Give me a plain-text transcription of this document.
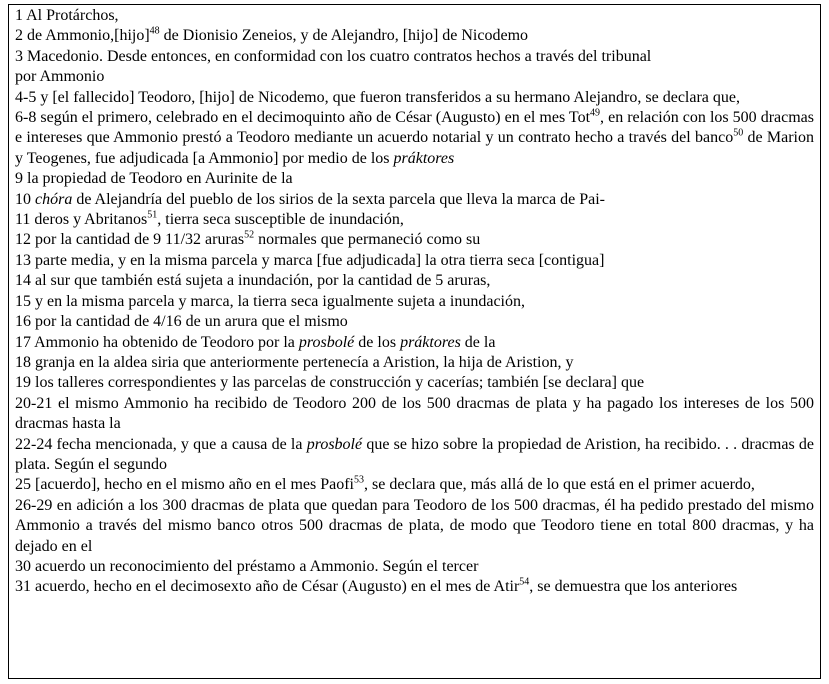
1 Al Protárchos,
2 de Ammonio,[hijo]$^{48}$ de Dionisio Zeneios, y de Alejandro, [hijo] de Nicodemo
3 Macedonio. Desde entonces, en conformidad con los cuatro contratos hechos a través del tribunal
por Ammonio
4-5 y [el fallecido] Teodoro, [hijo] de Nicodemo, que fueron transferidos a su hermano Alejandro, se declara que,
6-8 según el primero, celebrado en el decimoquinto año de César (Augusto) en el mes Tot$^{49}$, en relación con los 500 dracmas e intereses que Ammonio prestó a Teodoro mediante un acuerdo notarial y un contrato hecho a través del banco$^{50}$ de Marion y Teogenes, fue adjudicada [a Ammonio] por medio de los práktores
9 la propiedad de Teodoro en Aurinite de la
10 chóra de Alejandría del pueblo de los sirios de la sexta parcela que lleva la marca de Pai-
11 deros y Abritanos$^{51}$, tierra seca susceptible de inundación,
12 por la cantidad de 9 11/32 aruras$^{52}$ normales que permaneció como su
13 parte media, y en la misma parcela y marca [fue adjudicada] la otra tierra seca [contigua]
14 al sur que también está sujeta a inundación, por la cantidad de 5 aruras,
15 y en la misma parcela y marca, la tierra seca igualmente sujeta a inundación,
16 por la cantidad de 4/16 de un arura que el mismo
17 Ammonio ha obtenido de Teodoro por la prosbolé de los práktores de la
18 granja en la aldea siria que anteriormente pertenecía a Aristion, la hija de Aristion, y
19 los talleres correspondientes y las parcelas de construcción y cacerías; también [se declara] que
20-21 el mismo Ammonio ha recibido de Teodoro 200 de los 500 dracmas de plata y ha pagado los intereses de los 500 dracmas hasta la
22-24 fecha mencionada, y que a causa de la prosbolé que se hizo sobre la propiedad de Aristion, ha recibido. . . dracmas de plata. Según el segundo
25 [acuerdo], hecho en el mismo año en el mes Paofi$^{53}$, se declara que, más allá de lo que está en el primer acuerdo,
26-29 en adición a los 300 dracmas de plata que quedan para Teodoro de los 500 dracmas, él ha pedido prestado del mismo Ammonio a través del mismo banco otros 500 dracmas de plata, de modo que Teodoro tiene en total 800 dracmas, y ha dejado en el
30 acuerdo un reconocimiento del préstamo a Ammonio. Según el tercer
31 acuerdo, hecho en el decimosexto año de César (Augusto) en el mes de Atir$^{54}$, se demuestra que los anteriores
